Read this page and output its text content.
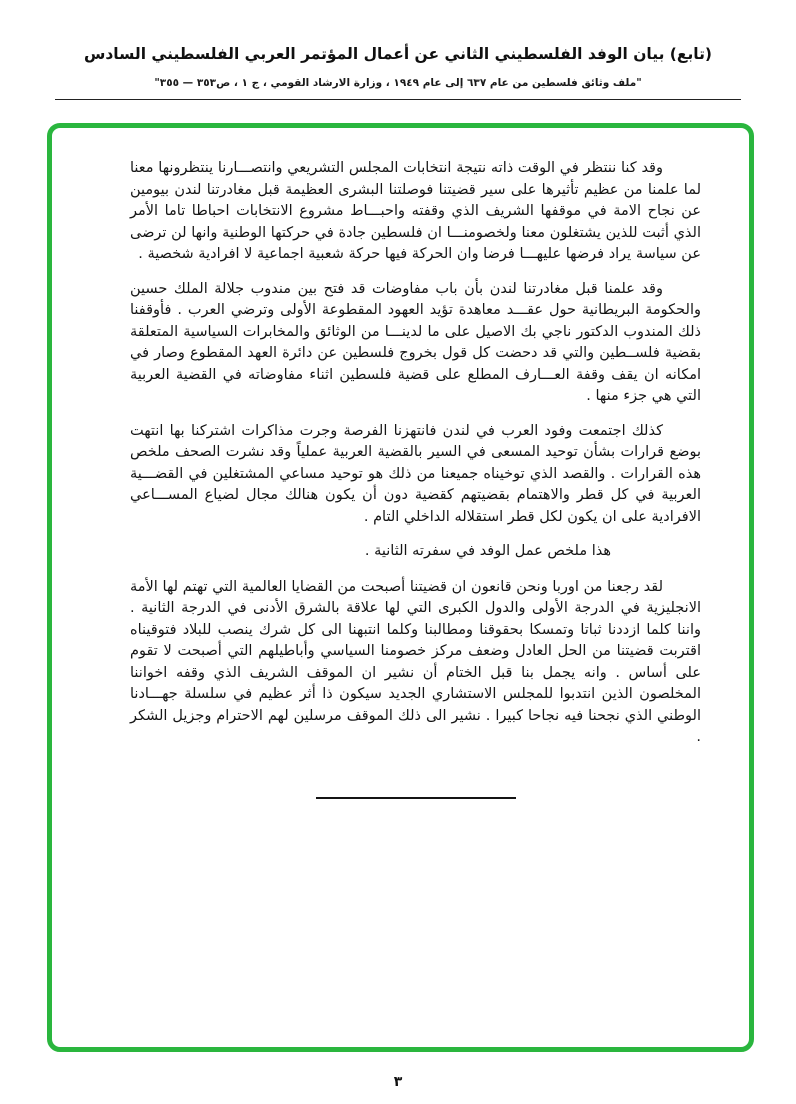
(تابع) بيان الوفد الفلسطيني الثاني عن أعمال المؤتمر العربي الفلسطيني السادس
"ملف وثائق فلسطين من عام ٦٣٧ إلى عام ١٩٤٩ ، وزارة الارشاد القومي ، ج ١ ، ص٣٥٣ — ٣٥٥"

وقد كنا ننتظر في الوقت ذاته نتيجة انتخابات المجلس التشريعي وانتصـــارنا ينتظرونها معنا لما علمنا من عظيم تأثيرها على سير قضيتنا فوصلتنا البشرى العظيمة قبل مغادرتنا لندن بيومين عن نجاح الامة في موقفها الشريف الذي وقفته واحبـــاط مشروع الانتخابات احباطا تاما الأمر الذي أثبت للذين يشتغلون معنا ولخصومنـــا ان فلسطين جادة في حركتها الوطنية وانها لن ترضى عن سياسة يراد فرضها عليهـــا فرضا وان الحركة فيها حركة شعبية اجماعية لا افرادية شخصية .

وقد علمنا قبل مغادرتنا لندن بأن باب مفاوضات قد فتح بين مندوب جلالة الملك حسين والحكومة البريطانية حول عقـــد معاهدة تؤيد العهود المقطوعة الأولى وترضي العرب . فأوقفنا ذلك المندوب الدكتور ناجي بك الاصيل على ما لدينـــا من الوثائق والمخابرات السياسية المتعلقة بقضية فلســطين والتي قد دحضت كل قول بخروج فلسطين عن دائرة العهد المقطوع وصار في امكانه ان يقف وقفة العـــارف المطلع على قضية فلسطين اثناء مفاوضاته في القضية العربية التي هي جزء منها .

كذلك اجتمعت وفود العرب في لندن فانتهزنا الفرصة وجرت مذاكرات اشتركنا بها انتهت بوضع قرارات بشأن توحيد المسعى في السير بالقضية العربية عملياً وقد نشرت الصحف ملخص هذه القرارات . والقصد الذي توخيناه جميعنا من ذلك هو توحيد مساعي المشتغلين في القضـــية العربية في كل قطر والاهتمام بقضيتهم كقضية دون أن يكون هنالك مجال لضياع المســـاعي الافرادية على ان يكون لكل قطر استقلاله الداخلي التام .

هذا ملخص عمل الوفد في سفرته الثانية .

لقد رجعنا من اوربا ونحن قانعون ان قضيتنا أصبحت من القضايا العالمية التي تهتم لها الأمة الانجليزية في الدرجة الأولى والدول الكبرى التي لها علاقة بالشرق الأدنى في الدرجة الثانية . واننا كلما ازددنا ثباتا وتمسكا بحقوقنا ومطالبنا وكلما انتبهنا الى كل شرك ينصب للبلاد فتوقيناه اقتربت قضيتنا من الحل العادل وضعف مركز خصومنا السياسي وأباطيلهم التي أصبحت لا تقوم على أساس . وانه يجمل بنا قبل الختام أن نشير ان الموقف الشريف الذي وقفه اخواننا المخلصون الذين انتدبوا للمجلس الاستشاري الجديد سيكون ذا أثر عظيم في سلسلة جهـــادنا الوطني الذي نجحنا فيه نجاحا كبيرا . نشير الى ذلك الموقف مرسلين لهم الاحترام وجزيل الشكر .

٣
